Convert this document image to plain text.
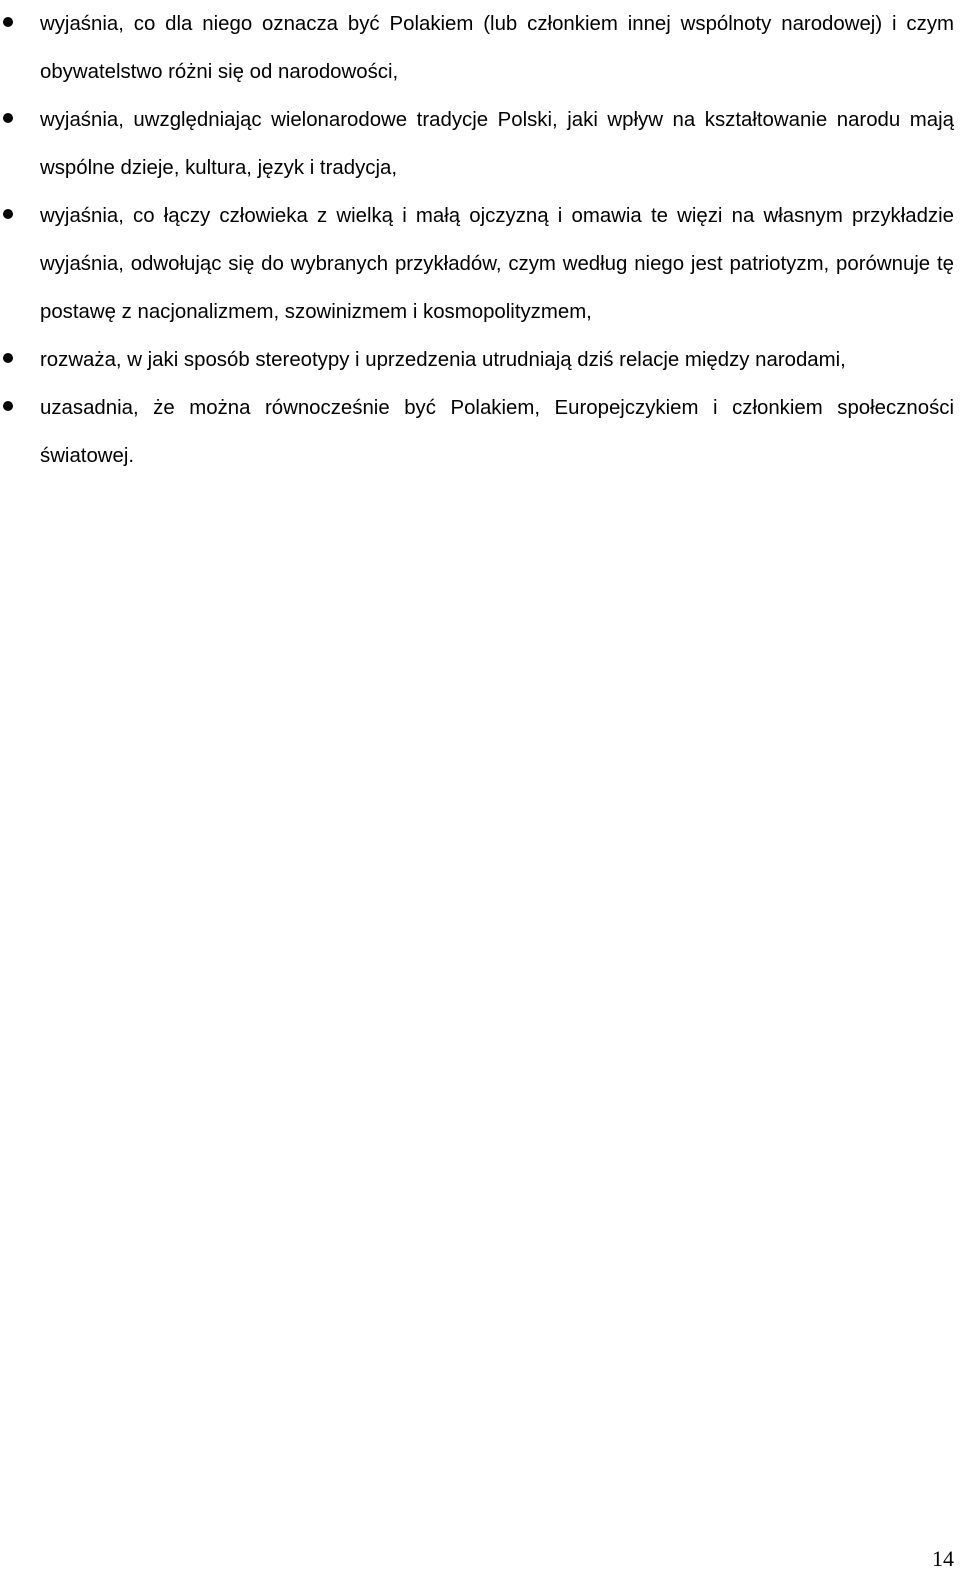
wyjaśnia, co dla niego oznacza być Polakiem (lub członkiem innej wspólnoty narodowej) i czym obywatelstwo różni się od narodowości,
wyjaśnia, uwzględniając wielonarodowe tradycje Polski, jaki wpływ na kształtowanie narodu mają wspólne dzieje, kultura, język i tradycja,
wyjaśnia, co łączy człowieka z wielką i małą ojczyzną i omawia te więzi na własnym przykładzie wyjaśnia, odwołując się do wybranych przykładów, czym według niego jest patriotyzm, porównuje tę postawę z nacjonalizmem, szowinizmem i kosmopolityzmem,
rozważa, w jaki sposób stereotypy i uprzedzenia utrudniają dziś relacje między narodami,
uzasadnia, że można równocześnie być Polakiem, Europejczykiem i członkiem społeczności światowej.
14
